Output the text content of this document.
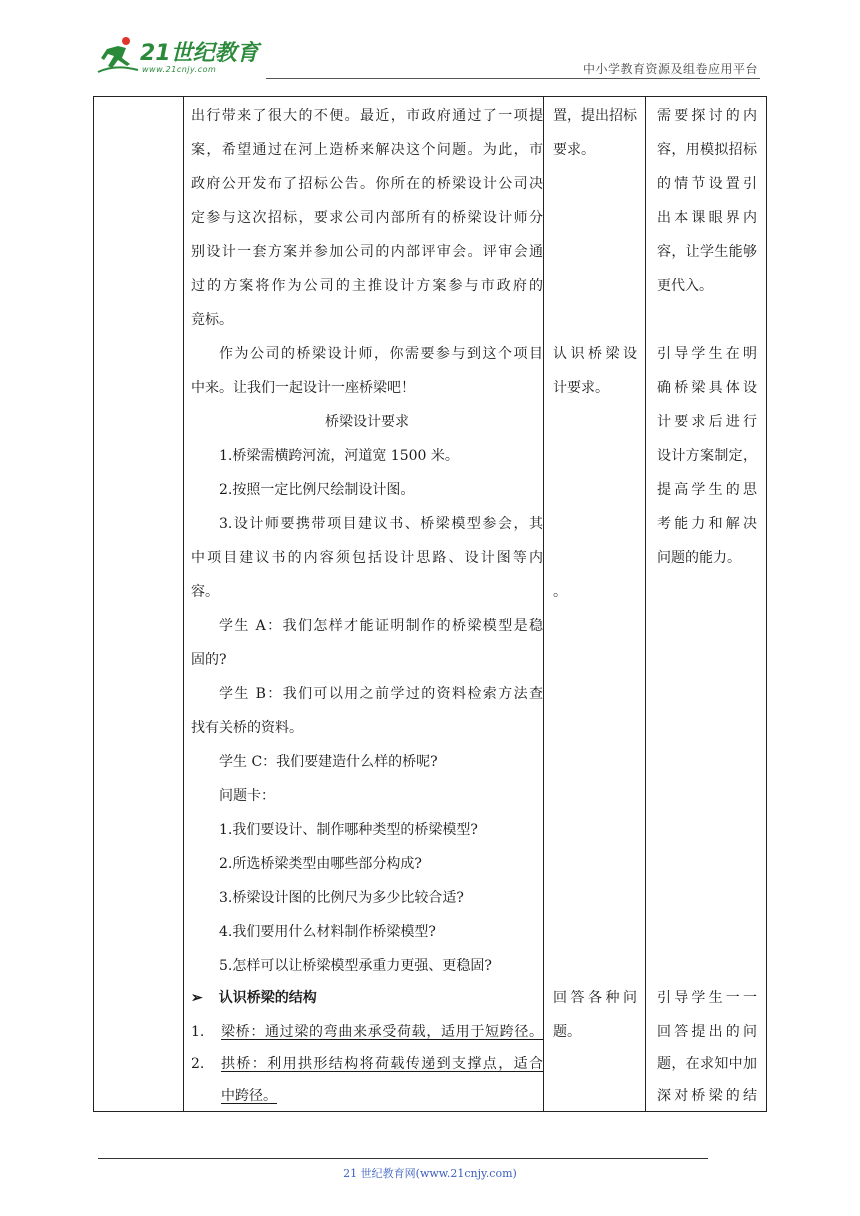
21世纪教育
www.21cnjy.com	中小学教育资源及组卷应用平台
出行带来了很大的不便。最近，市政府通过了一项提
案，希望通过在河上造桥来解决这个问题。为此，市
政府公开发布了招标公告。你所在的桥梁设计公司决
定参与这次招标，要求公司内部所有的桥梁设计师分
别设计一套方案并参加公司的内部评审会。评审会通
过的方案将作为公司的主推设计方案参与市政府的
竞标。
作为公司的桥梁设计师，你需要参与到这个项目
中来。让我们一起设计一座桥梁吧！
桥梁设计要求
1.桥梁需横跨河流，河道宽 1500 米。
2.按照一定比例尺绘制设计图。
3.设计师要携带项目建议书、桥梁模型参会，其
中项目建议书的内容须包括设计思路、设计图等内
容。
学生 A：我们怎样才能证明制作的桥梁模型是稳
固的?
学生 B：我们可以用之前学过的资料检索方法查
找有关桥的资料。
学生 C：我们要建造什么样的桥呢?
问题卡：
1.我们要设计、制作哪种类型的桥梁模型?
2.所选桥梁类型由哪些部分构成?
3.桥梁设计图的比例尺为多少比较合适?
4.我们要用什么材料制作桥梁模型?
5.怎样可以让桥梁模型承重力更强、更稳固?
➢ 认识桥梁的结构
1. 梁桥：通过梁的弯曲来承受荷载，适用于短跨径。
2. 拱桥：利用拱形结构将荷载传递到支撑点，适合
中跨径。
置，提出招标
要求。
认识桥梁设
计要求。
。
回答各种问
题。
需要探讨的内
容，用模拟招标
的情节设置引
出本课眼界内
容，让学生能够
更代入。
引导学生在明
确桥梁具体设
计要求后进行
设计方案制定，
提高学生的思
考能力和解决
问题的能力。
引导学生一一
回答提出的问
题，在求知中加
深对桥梁的结
21 世纪教育网(www.21cnjy.com)
